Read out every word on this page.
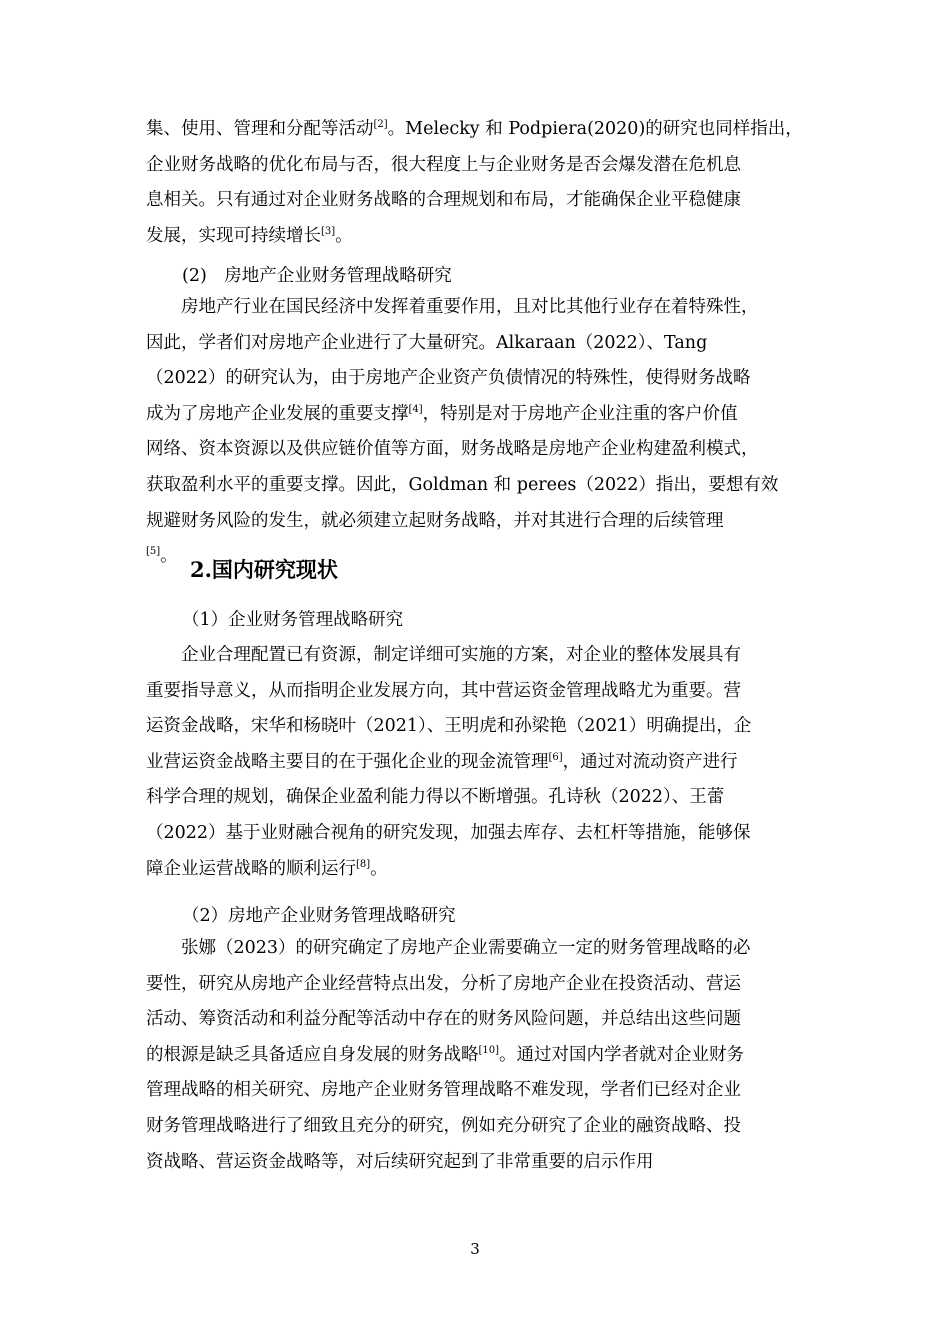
集、使用、管理和分配等活动[2]。Melecky 和 Podpiera(2020)的研究也同样指出，
企业财务战略的优化布局与否，很大程度上与企业财务是否会爆发潜在危机息
息相关。只有通过对企业财务战略的合理规划和布局，才能确保企业平稳健康
发展，实现可持续增长[3]。

(2)　房地产企业财务管理战略研究

房地产行业在国民经济中发挥着重要作用，且对比其他行业存在着特殊性，
因此，学者们对房地产企业进行了大量研究。Alkaraan（2022）、Tang
（2022）的研究认为，由于房地产企业资产负债情况的特殊性，使得财务战略
成为了房地产企业发展的重要支撑[4]，特别是对于房地产企业注重的客户价值
网络、资本资源以及供应链价值等方面，财务战略是房地产企业构建盈利模式，
获取盈利水平的重要支撑。因此，Goldman 和 perees（2022）指出，要想有效
规避财务风险的发生，就必须建立起财务战略，并对其进行合理的后续管理
[5]。

2.国内研究现状
（1）企业财务管理战略研究

企业合理配置已有资源，制定详细可实施的方案，对企业的整体发展具有
重要指导意义，从而指明企业发展方向，其中营运资金管理战略尤为重要。营
运资金战略，宋华和杨晓叶（2021）、王明虎和孙梁艳（2021）明确提出，企
业营运资金战略主要目的在于强化企业的现金流管理[6]，通过对流动资产进行
科学合理的规划，确保企业盈利能力得以不断增强。孔诗秋（2022）、王蕾
（2022）基于业财融合视角的研究发现，加强去库存、去杠杆等措施，能够保
障企业运营战略的顺利运行[8]。

（2）房地产企业财务管理战略研究

张娜（2023）的研究确定了房地产企业需要确立一定的财务管理战略的必
要性，研究从房地产企业经营特点出发，分析了房地产企业在投资活动、营运
活动、筹资活动和利益分配等活动中存在的财务风险问题，并总结出这些问题
的根源是缺乏具备适应自身发展的财务战略[10]。通过对国内学者就对企业财务
管理战略的相关研究、房地产企业财务管理战略不难发现，学者们已经对企业
财务管理战略进行了细致且充分的研究，例如充分研究了企业的融资战略、投
资战略、营运资金战略等，对后续研究起到了非常重要的启示作用

3
